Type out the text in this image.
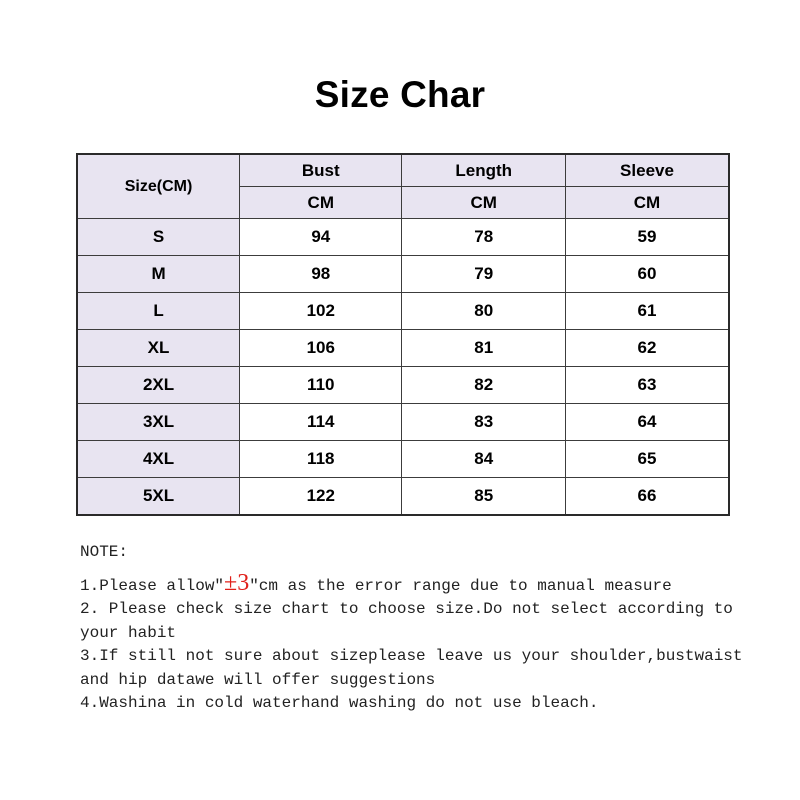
Size Char
Size(CM)	Bust	Length	Sleeve
	CM	CM	CM
S	94	78	59
M	98	79	60
L	102	80	61
XL	106	81	62
2XL	110	82	63
3XL	114	83	64
4XL	118	84	65
5XL	122	85	66

NOTE:

1.Please allow″±3″cm as the error range due to manual measure

2. Please check size chart to choose size.Do not select according to your habit

3.If still not sure about sizeplease leave us your shoulder,bustwaist and hip datawe will offer suggestions

4.Washina in cold waterhand washing do not use bleach.
